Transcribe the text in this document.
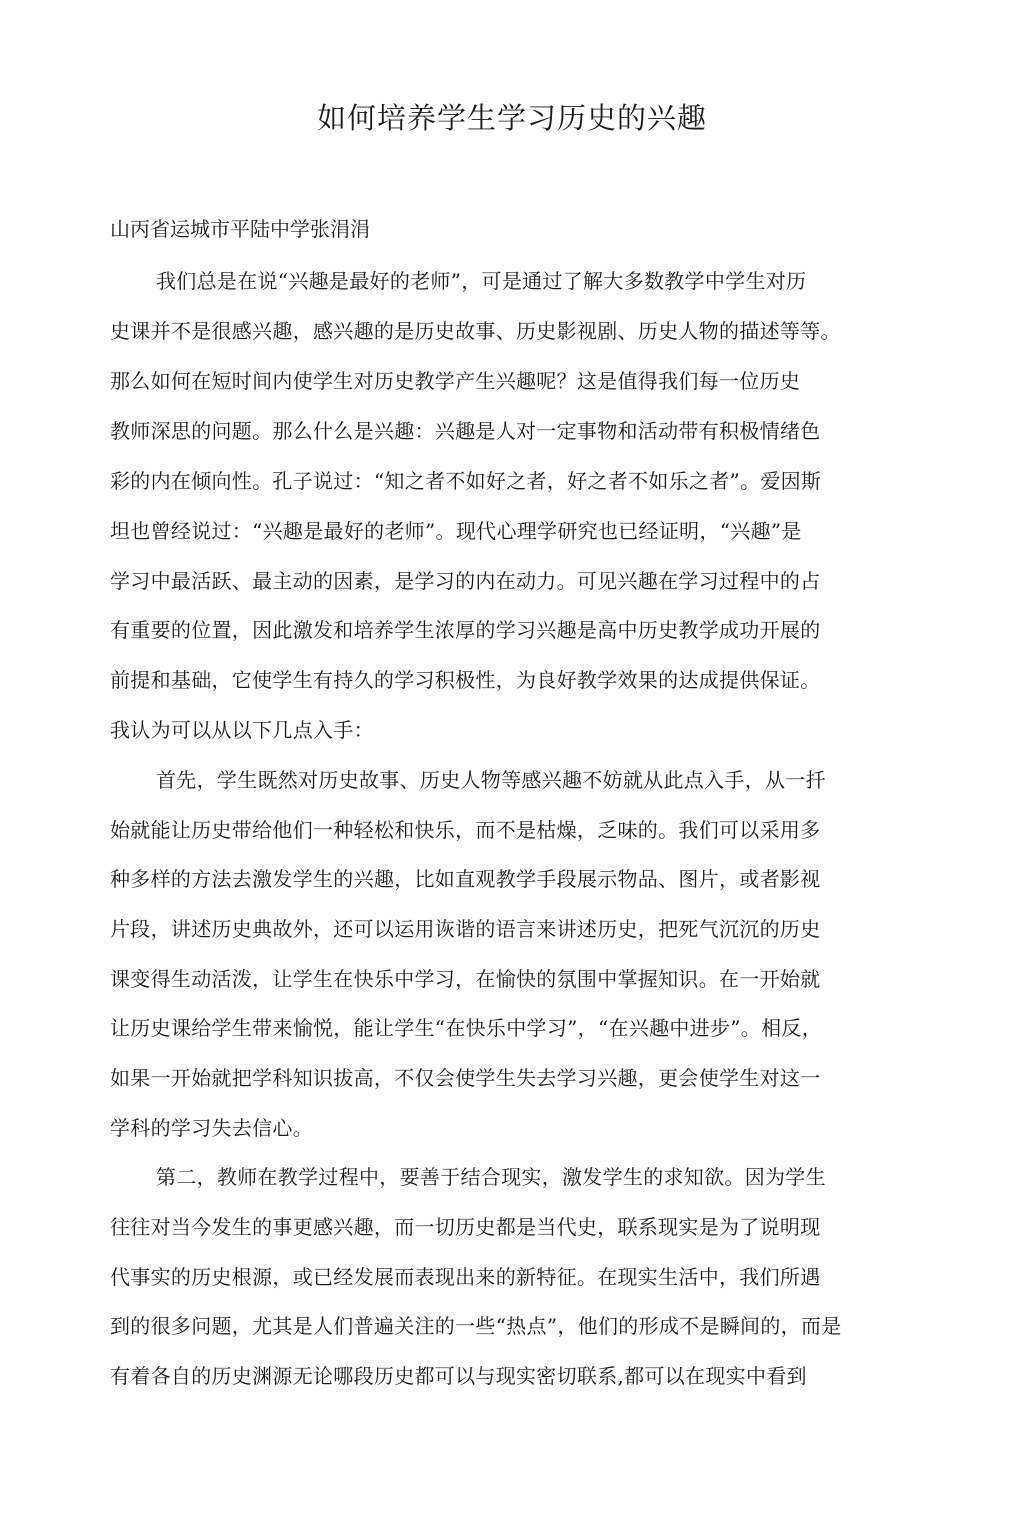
如何培养学生学习历史的兴趣
山丙省运城市平陆中学张涓涓
我们总是在说“兴趣是最好的老师”，可是通过了解大多数教学中学生对历
史课并不是很感兴趣，感兴趣的是历史故事、历史影视剧、历史人物的描述等等。
那么如何在短时间内使学生对历史教学产生兴趣呢？这是值得我们每一位历史
教师深思的问题。那么什么是兴趣：兴趣是人对一定事物和活动带有积极情绪色
彩的内在倾向性。孔子说过：“知之者不如好之者，好之者不如乐之者”。爱因斯
坦也曾经说过：“兴趣是最好的老师”。现代心理学研究也已经证明，“兴趣”是
学习中最活跃、最主动的因素，是学习的内在动力。可见兴趣在学习过程中的占
有重要的位置，因此激发和培养学生浓厚的学习兴趣是高中历史教学成功开展的
前提和基础，它使学生有持久的学习积极性，为良好教学效果的达成提供保证。
我认为可以从以下几点入手：
首先，学生既然对历史故事、历史人物等感兴趣不妨就从此点入手，从一扦
始就能让历史带给他们一种轻松和快乐，而不是枯燥，乏味的。我们可以采用多
种多样的方法去激发学生的兴趣，比如直观教学手段展示物品、图片，或者影视
片段，讲述历史典故外，还可以运用诙谐的语言来讲述历史，把死气沉沉的历史
课变得生动活泼，让学生在快乐中学习，在愉快的氛围中掌握知识。在一开始就
让历史课给学生带来愉悦，能让学生“在快乐中学习”，“在兴趣中进步”。相反，
如果一开始就把学科知识拔高，不仅会使学生失去学习兴趣，更会使学生对这一
学科的学习失去信心。
第二，教师在教学过程中，要善于结合现实，激发学生的求知欲。因为学生
往往对当今发生的事更感兴趣，而一切历史都是当代史，联系现实是为了说明现
代事实的历史根源，或已经发展而表现出来的新特征。在现实生活中，我们所遇
到的很多问题，尤其是人们普遍关注的一些“热点”，他们的形成不是瞬间的，而是
有着各自的历史渊源无论哪段历史都可以与现实密切联系,都可以在现实中看到
